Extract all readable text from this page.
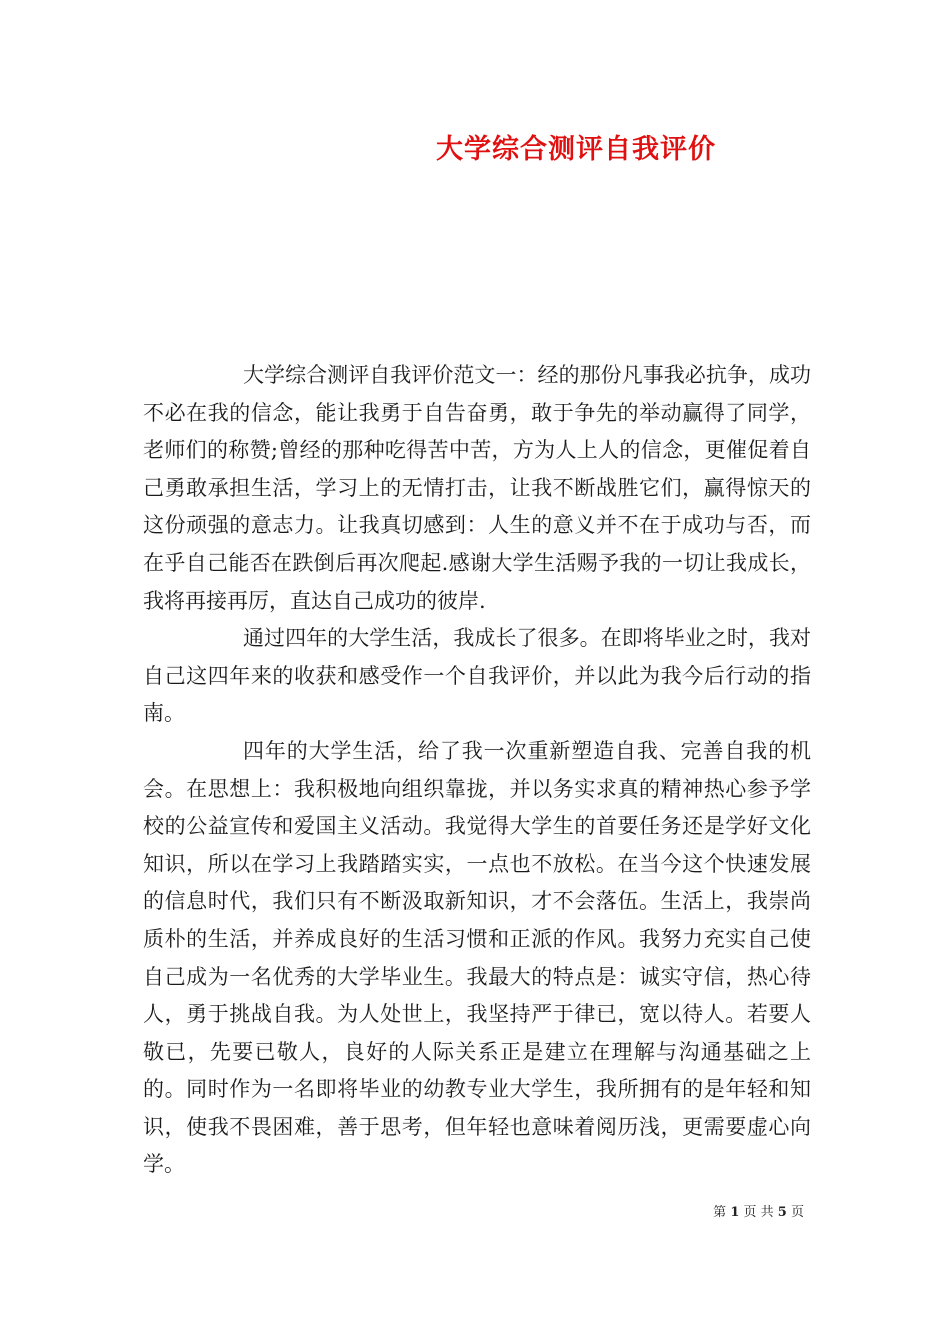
大学综合测评自我评价

大学综合测评自我评价范文一：经的那份凡事我必抗争，成功不必在我的信念，能让我勇于自告奋勇，敢于争先的举动赢得了同学，老师们的称赞;曾经的那种吃得苦中苦，方为人上人的信念，更催促着自己勇敢承担生活，学习上的无情打击，让我不断战胜它们，赢得惊天的这份顽强的意志力。让我真切感到：人生的意义并不在于成功与否，而在乎自己能否在跌倒后再次爬起.感谢大学生活赐予我的一切让我成长，我将再接再厉，直达自己成功的彼岸.

通过四年的大学生活，我成长了很多。在即将毕业之时，我对自己这四年来的收获和感受作一个自我评价，并以此为我今后行动的指南。

四年的大学生活，给了我一次重新塑造自我、完善自我的机会。在思想上：我积极地向组织靠拢，并以务实求真的精神热心参予学校的公益宣传和爱国主义活动。我觉得大学生的首要任务还是学好文化知识，所以在学习上我踏踏实实，一点也不放松。在当今这个快速发展的信息时代，我们只有不断汲取新知识，才不会落伍。生活上，我崇尚质朴的生活，并养成良好的生活习惯和正派的作风。我努力充实自己使自己成为一名优秀的大学毕业生。我最大的特点是：诚实守信，热心待人，勇于挑战自我。为人处世上，我坚持严于律已，宽以待人。若要人敬已，先要已敬人，良好的人际关系正是建立在理解与沟通基础之上的。同时作为一名即将毕业的幼教专业大学生，我所拥有的是年轻和知识，使我不畏困难，善于思考，但年轻也意味着阅历浅，更需要虚心向学。

第 1 页 共 5 页
